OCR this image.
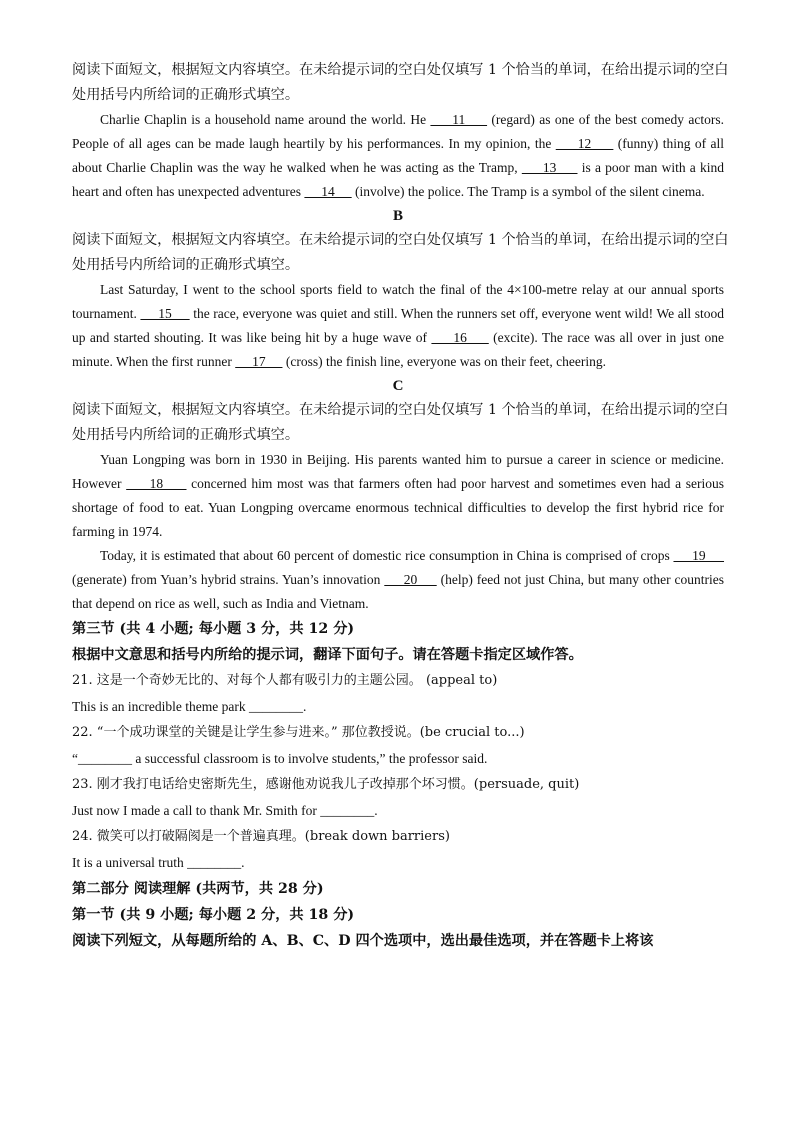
阅读下面短文，根据短文内容填空。在未给提示词的空白处仅填写 1 个恰当的单词，在给出提示词的空白

处用括号内所给词的正确形式填空。

Charlie Chaplin is a household name around the world. He      11      (regard) as one of the best comedy actors. People of all ages can be made laugh heartily by his performances. In my opinion, the      12      (funny) thing of all about Charlie Chaplin was the way he walked when he was acting as the Tramp,      13      is a poor man with a kind heart and often has unexpected adventures      14      (involve) the police. The Tramp is a symbol of the silent cinema.

B

阅读下面短文，根据短文内容填空。在未给提示词的空白处仅填写 1 个恰当的单词，在给出提示词的空白

处用括号内所给词的正确形式填空。

Last Saturday, I went to the school sports field to watch the final of the 4×100-metre relay at our annual sports tournament.      15      the race, everyone was quiet and still. When the runners set off, everyone went wild! We all stood up and started shouting. It was like being hit by a huge wave of      16      (excite). The race was all over in just one minute. When the first runner      17      (cross) the finish line, everyone was on their feet, cheering.

C

阅读下面短文，根据短文内容填空。在未给提示词的空白处仅填写 1 个恰当的单词，在给出提示词的空白

处用括号内所给词的正确形式填空。

Yuan Longping was born in 1930 in Beijing. His parents wanted him to pursue a career in science or medicine. However      18      concerned him most was that farmers often had poor harvest and sometimes even had a serious shortage of food to eat. Yuan Longping overcame enormous technical difficulties to develop the first hybrid rice for farming in 1974.

Today, it is estimated that about 60 percent of domestic rice consumption in China is comprised of crops      19      (generate) from Yuan’s hybrid strains. Yuan’s innovation      20      (help) feed not just China, but many other countries that depend on rice as well, such as India and Vietnam.

第三节 (共 4 小题; 每小题 3 分，共 12 分)

根据中文意思和括号内所给的提示词，翻译下面句子。请在答题卡指定区域作答。

21. 这是一个奇妙无比的、对每个人都有吸引力的主题公园。 (appeal to)

This is an incredible theme park ________.

22. “一个成功课堂的关键是让学生参与进来。” 那位教授说。(be crucial to...)

“________ a successful classroom is to involve students,” the professor said.

23. 刚才我打电话给史密斯先生，感谢他劝说我儿子改掉那个坏习惯。(persuade, quit)

Just now I made a call to thank Mr. Smith for ________.

24. 微笑可以打破隔阂是一个普遍真理。(break down barriers)

It is a universal truth ________.

第二部分 阅读理解 (共两节，共 28 分)

第一节 (共 9 小题; 每小题 2 分，共 18 分)

阅读下列短文，从每题所给的 A、B、C、D 四个选项中，选出最佳选项，并在答题卡上将该
